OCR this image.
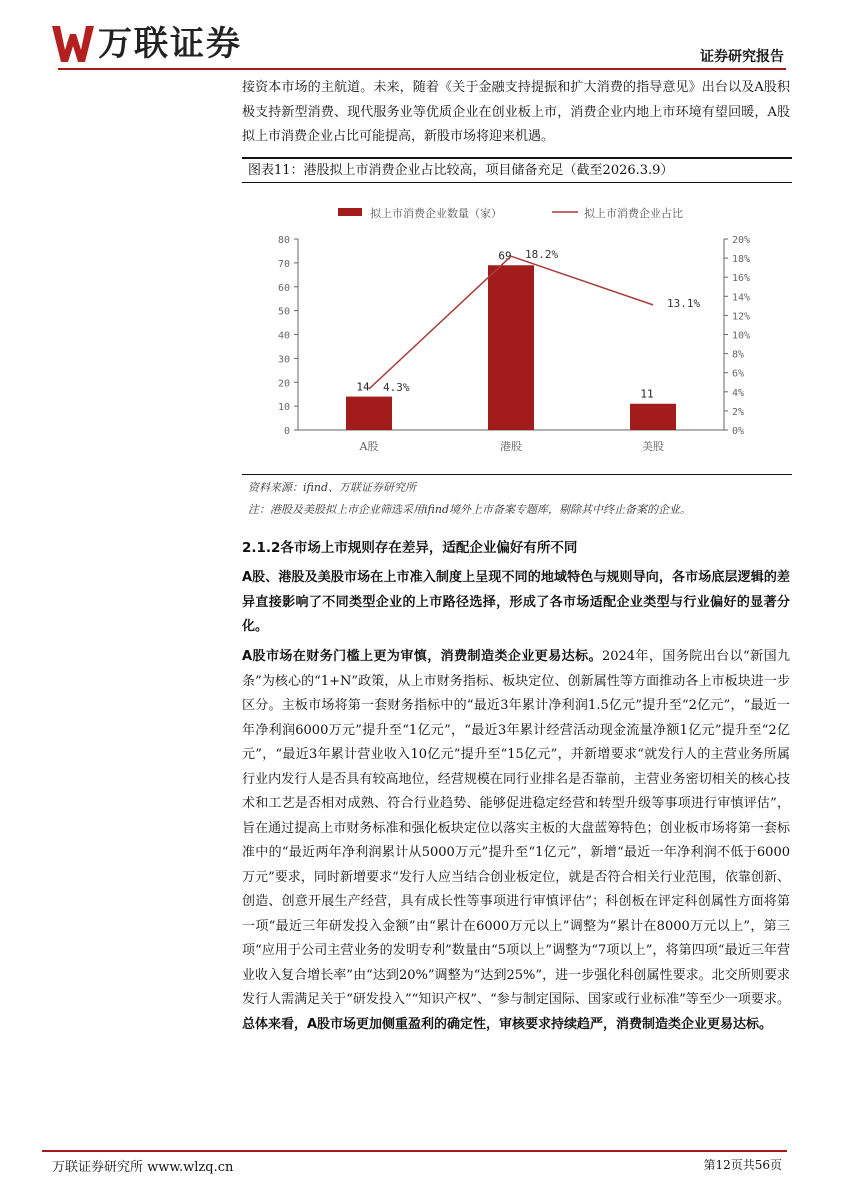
万联证券	证券研究报告

接资本市场的主航道。未来，随着《关于金融支持提振和扩大消费的指导意见》出台以及A股积极支持新型消费、现代服务业等优质企业在创业板上市，消费企业内地上市环境有望回暖，A股拟上市消费企业占比可能提高，新股市场将迎来机遇。

图表11：港股拟上市消费企业占比较高，项目储备充足（截至2026.3.9）
拟上市消费企业数量（家）	拟上市消费企业占比
0
10
20
30
40
50
60
70
80
0%
2%
4%
6%
8%
10%
12%
14%
16%
18%
20%
14
A股
69
港股
11
美股
4.3%
18.2%
13.1%
资料来源：ifind、万联证券研究所
注：港股及美股拟上市企业筛选采用ifind境外上市备案专题库，剔除其中终止备案的企业。
2.1.2各市场上市规则存在差异，适配企业偏好有所不同

A股、港股及美股市场在上市准入制度上呈现不同的地域特色与规则导向，各市场底层逻辑的差异直接影响了不同类型企业的上市路径选择，形成了各市场适配企业类型与行业偏好的显著分化。

A股市场在财务门槛上更为审慎，消费制造类企业更易达标。2024年，国务院出台以“新国九条”为核心的“1+N”政策，从上市财务指标、板块定位、创新属性等方面推动各上市板块进一步区分。主板市场将第一套财务指标中的“最近3年累计净利润1.5亿元”提升至“2亿元”，“最近一年净利润6000万元”提升至“1亿元”，“最近3年累计经营活动现金流量净额1亿元”提升至“2亿元”，“最近3年累计营业收入10亿元”提升至“15亿元”，并新增要求“就发行人的主营业务所属行业内发行人是否具有较高地位，经营规模在同行业排名是否靠前，主营业务密切相关的核心技术和工艺是否相对成熟、符合行业趋势、能够促进稳定经营和转型升级等事项进行审慎评估”，旨在通过提高上市财务标准和强化板块定位以落实主板的大盘蓝筹特色；创业板市场将第一套标准中的“最近两年净利润累计从5000万元”提升至“1亿元”，新增“最近一年净利润不低于6000万元”要求，同时新增要求“发行人应当结合创业板定位，就是否符合相关行业范围，依靠创新、创造、创意开展生产经营，具有成长性等事项进行审慎评估”；科创板在评定科创属性方面将第一项“最近三年研发投入金额”由“累计在6000万元以上”调整为“累计在8000万元以上”，第三项“应用于公司主营业务的发明专利”数量由“5项以上”调整为“7项以上”，将第四项“最近三年营业收入复合增长率”由“达到20%”调整为“达到25%”，进一步强化科创属性要求。北交所则要求发行人需满足关于“研发投入”“知识产权”、“参与制定国际、国家或行业标准”等至少一项要求。总体来看，A股市场更加侧重盈利的确定性，审核要求持续趋严，消费制造类企业更易达标。

万联证券研究所 www.wlzq.cn	第12页共56页
